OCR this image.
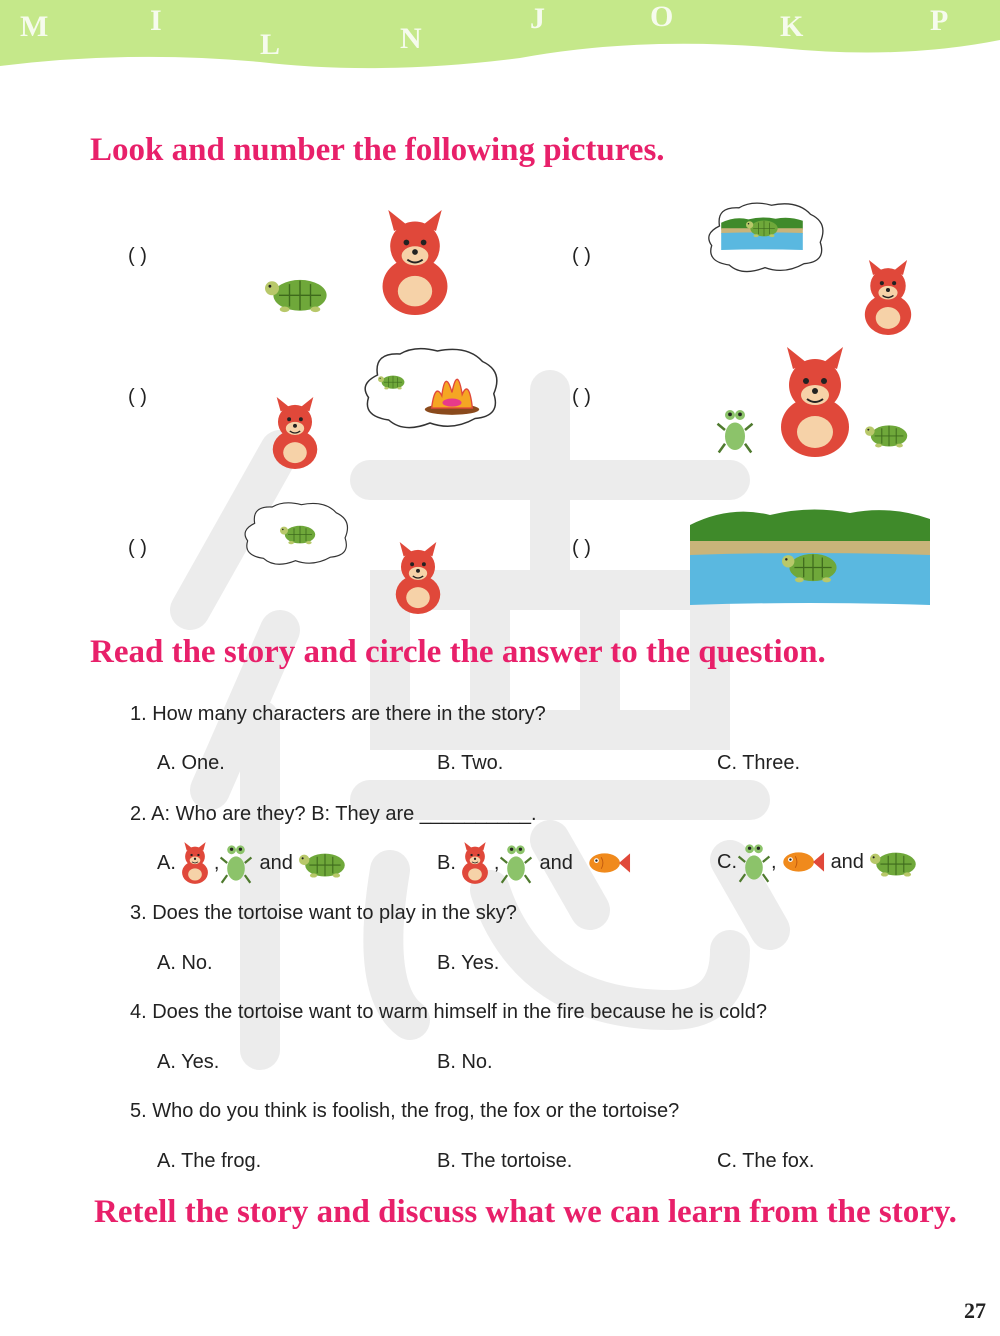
M	I
L	N
J	O	K	P
Look and number the following pictures.
( )	( )
( )	( )
( )	( )
Read the story and circle the answer to the question.
1. How many characters are there in the story?
A. One.	B. Two.	C. Three.
2. A: Who are they? B: They are __________.
A. , and	B. , and	C. ,	and
3. Does the tortoise want to play in the sky?
A. No.	B. Yes.
4. Does the tortoise want to warm himself in the fire because he is cold?
A. Yes.	B. No.
5. Who do you think is foolish, the frog, the fox or the tortoise?
A. The frog.	B. The tortoise.	C. The fox.
Retell the story and discuss what we can learn from the story.
27
